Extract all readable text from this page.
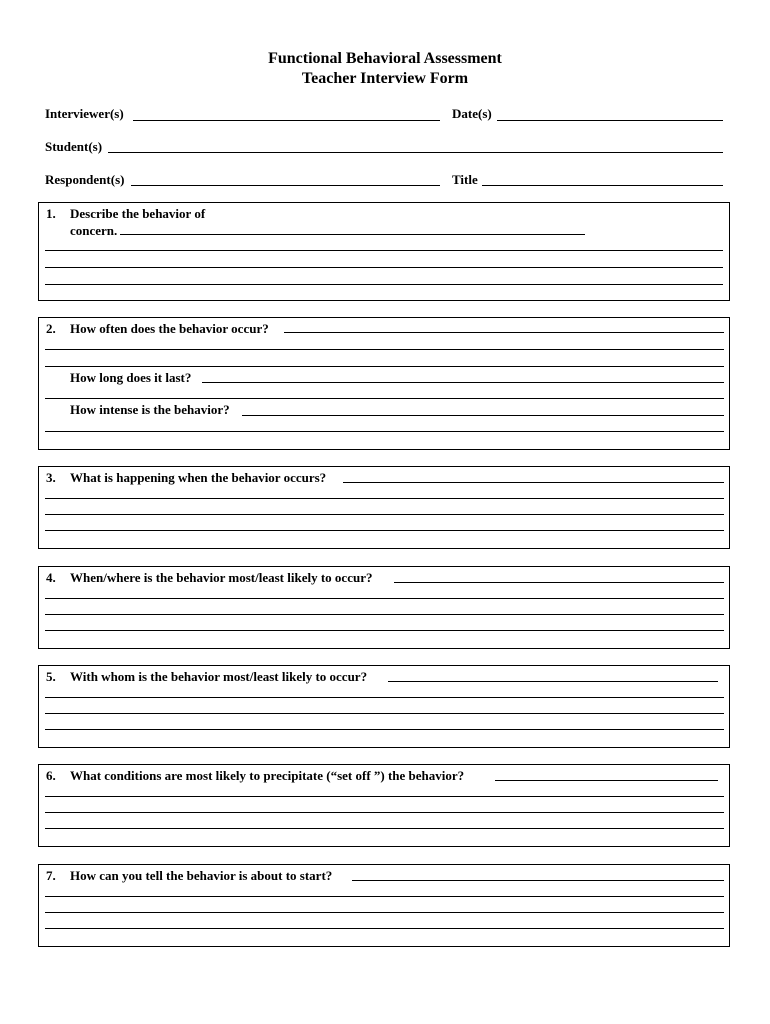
Functional Behavioral Assessment
Teacher Interview Form
Interviewer(s)	Date(s)
Student(s)
Respondent(s)	Title
1. Describe the behavior of
concern.
2. How often does the behavior occur?
How long does it last?
How intense is the behavior?
3. What is happening when the behavior occurs?
4. When/where is the behavior most/least likely to occur?
5. With whom is the behavior most/least likely to occur?
6. What conditions are most likely to precipitate (“set off ”) the behavior?
7. How can you tell the behavior is about to start?
